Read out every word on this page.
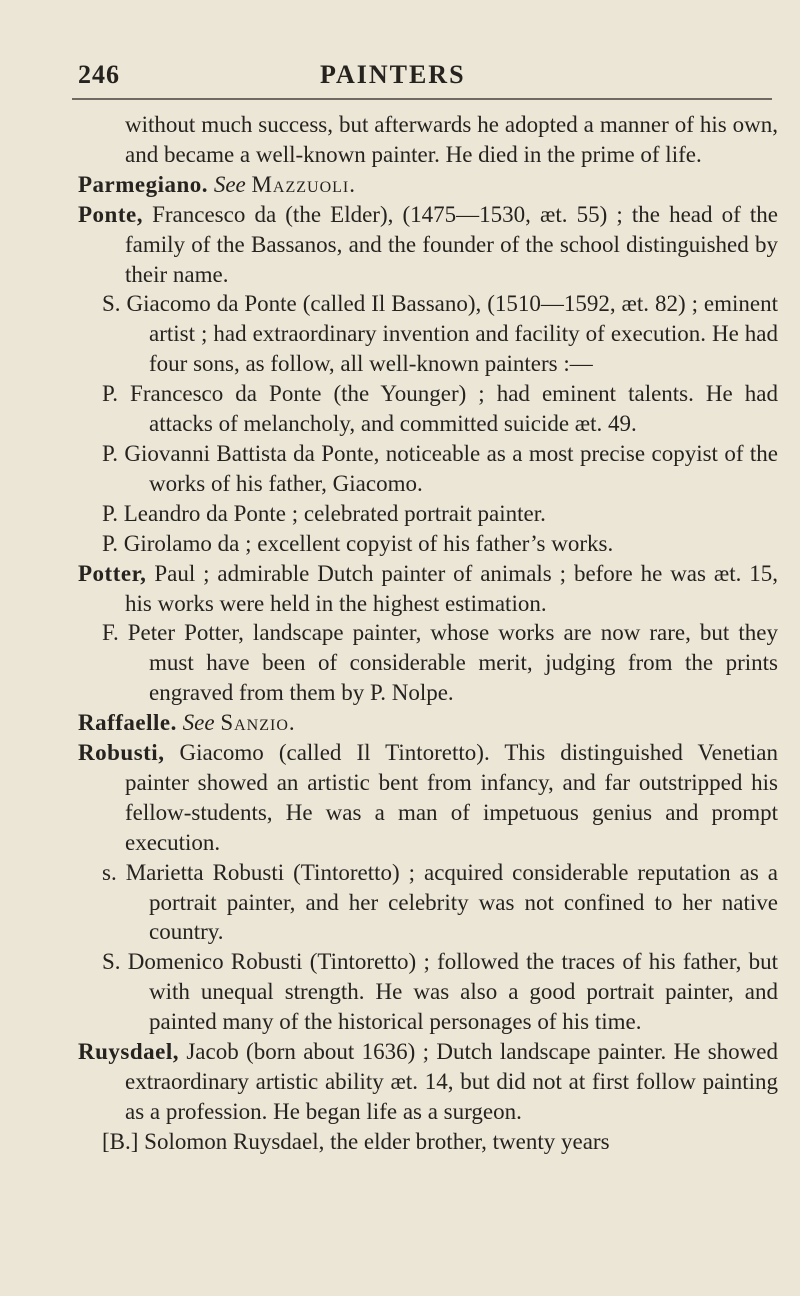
246	PAINTERS

without much success, but afterwards he adopted a manner of his own, and became a well-known painter. He died in the prime of life.

Parmegiano. See Mazzuoli.

Ponte, Francesco da (the Elder), (1475—1530, æt. 55) ; the head of the family of the Bassanos, and the founder of the school distinguished by their name.

S. Giacomo da Ponte (called Il Bassano), (1510—1592, æt. 82) ; eminent artist ; had extraordinary invention and facility of execution. He had four sons, as follow, all well-known painters :—

P. Francesco da Ponte (the Younger) ; had eminent talents. He had attacks of melancholy, and committed suicide æt. 49.

P. Giovanni Battista da Ponte, noticeable as a most precise copyist of the works of his father, Giacomo.

P. Leandro da Ponte ; celebrated portrait painter.

P. Girolamo da ; excellent copyist of his father’s works.

Potter, Paul ; admirable Dutch painter of animals ; before he was æt. 15, his works were held in the highest estimation.

F. Peter Potter, landscape painter, whose works are now rare, but they must have been of considerable merit, judging from the prints engraved from them by P. Nolpe.

Raffaelle. See Sanzio.

Robusti, Giacomo (called Il Tintoretto). This distinguished Venetian painter showed an artistic bent from infancy, and far outstripped his fellow-students, He was a man of impetuous genius and prompt execution.

s. Marietta Robusti (Tintoretto) ; acquired considerable reputation as a portrait painter, and her celebrity was not confined to her native country.

S. Domenico Robusti (Tintoretto) ; followed the traces of his father, but with unequal strength. He was also a good portrait painter, and painted many of the historical personages of his time.

Ruysdael, Jacob (born about 1636) ; Dutch landscape painter. He showed extraordinary artistic ability æt. 14, but did not at first follow painting as a profession. He began life as a surgeon.

[B.] Solomon Ruysdael, the elder brother, twenty years
